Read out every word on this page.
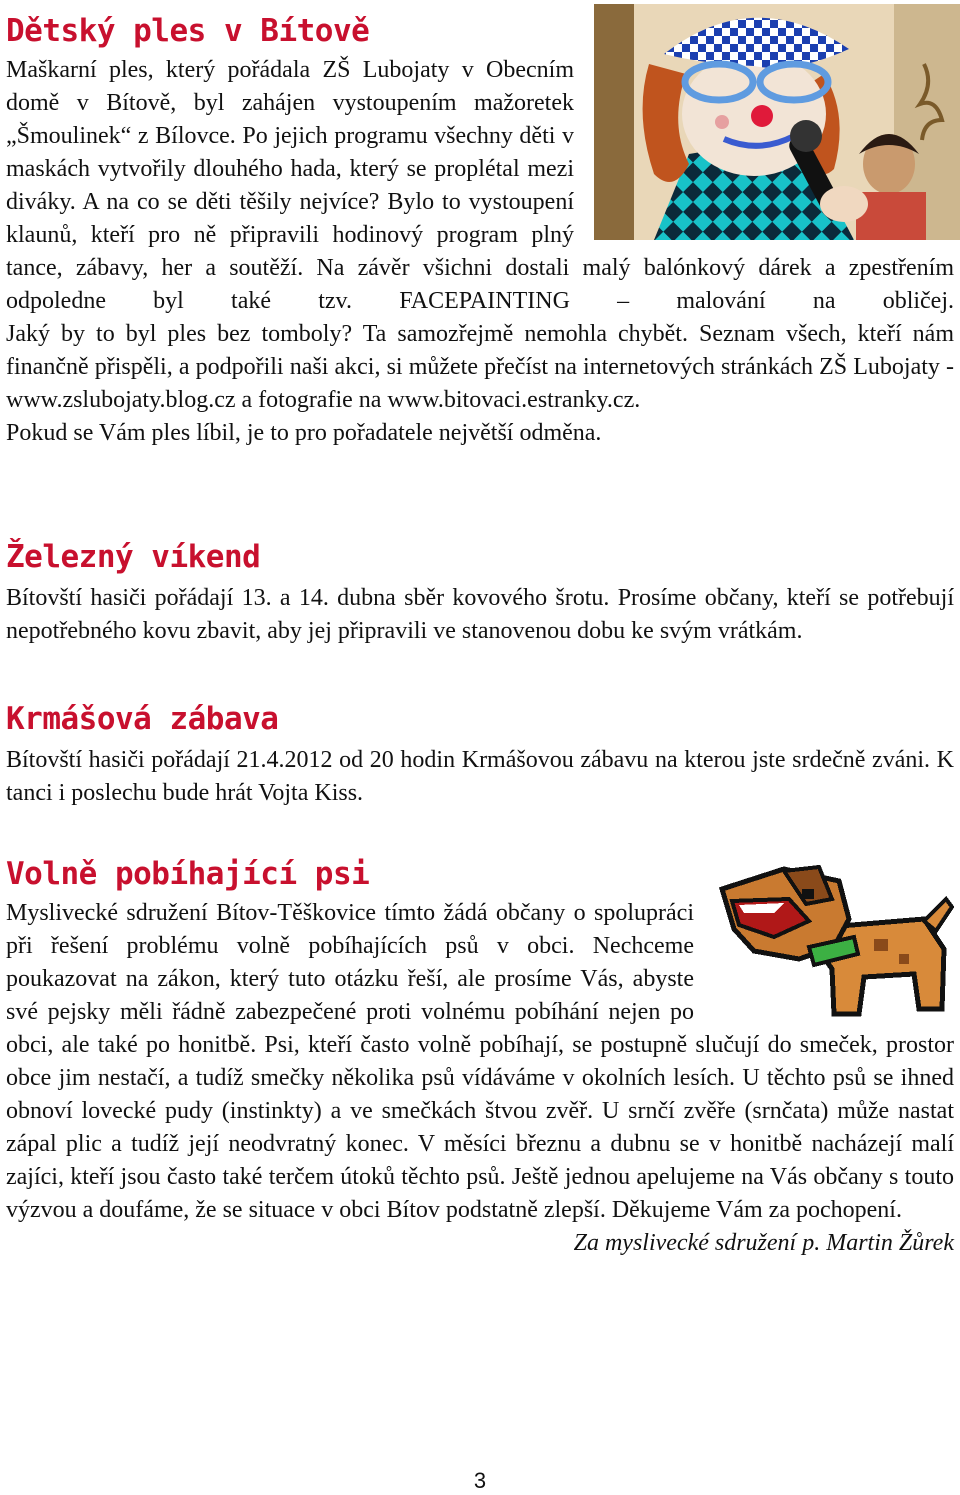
Dětský ples v Bítově

Maškarní ples, který pořádala ZŠ Lubojaty v Obecním domě v Bítově, byl zahájen vystoupením mažoretek „Šmoulinek“ z Bílovce. Po jejich programu všechny děti v maskách vytvořily dlouhého hada, který se proplétal mezi diváky. A na co se děti těšily nejvíce? Bylo to vystoupení klaunů, kteří pro ně připravili hodinový program plný tance, zábavy, her a soutěží. Na závěr všichni dostali malý balónkový dárek a zpestřením odpoledne byl také tzv. FACEPAINTING – malování na obličej.

Jaký by to byl ples bez tomboly? Ta samozřejmě nemohla chybět. Seznam všech, kteří nám finančně přispěli, a podpořili naši akci, si můžete přečíst na internetových stránkách ZŠ Lubojaty -www.zslubojaty.blog.cz a fotografie na www.bitovaci.estranky.cz.

Pokud se Vám ples líbil, je to pro pořadatele největší odměna.

Železný víkend

Bítovští hasiči pořádají 13. a 14. dubna sběr kovového šrotu. Prosíme občany, kteří se potřebují nepotřebného kovu zbavit, aby jej připravili ve stanovenou dobu ke svým vrátkám.

Krmášová zábava

Bítovští hasiči pořádají 21.4.2012 od 20 hodin Krmášovou zábavu na kterou jste srdečně zváni. K tanci i poslechu bude hrát Vojta Kiss.

Volně pobíhající psi

Myslivecké sdružení Bítov-Těškovice tímto žádá občany o spolupráci při řešení problému volně pobíhajících psů v obci. Nechceme poukazovat na zákon, který tuto otázku řeší, ale prosíme Vás, abyste své pejsky měli řádně zabezpečené proti volnému pobíhání nejen po obci, ale také po honitbě. Psi, kteří často volně pobíhají, se postupně slučují do smeček, prostor obce jim nestačí, a tudíž smečky několika psů vídáváme v okolních lesích. U těchto psů se ihned obnoví lovecké pudy (instinkty) a ve smečkách štvou zvěř. U srnčí zvěře (srnčata) může nastat zápal plic a tudíž její neodvratný konec. V měsíci březnu a dubnu se v honitbě nacházejí malí zajíci, kteří jsou často také terčem útoků těchto psů. Ještě jednou apelujeme na Vás občany s touto výzvou a doufáme, že se situace v obci Bítov podstatně zlepší. Děkujeme Vám za pochopení.

Za myslivecké sdružení p. Martin Žůrek
3
